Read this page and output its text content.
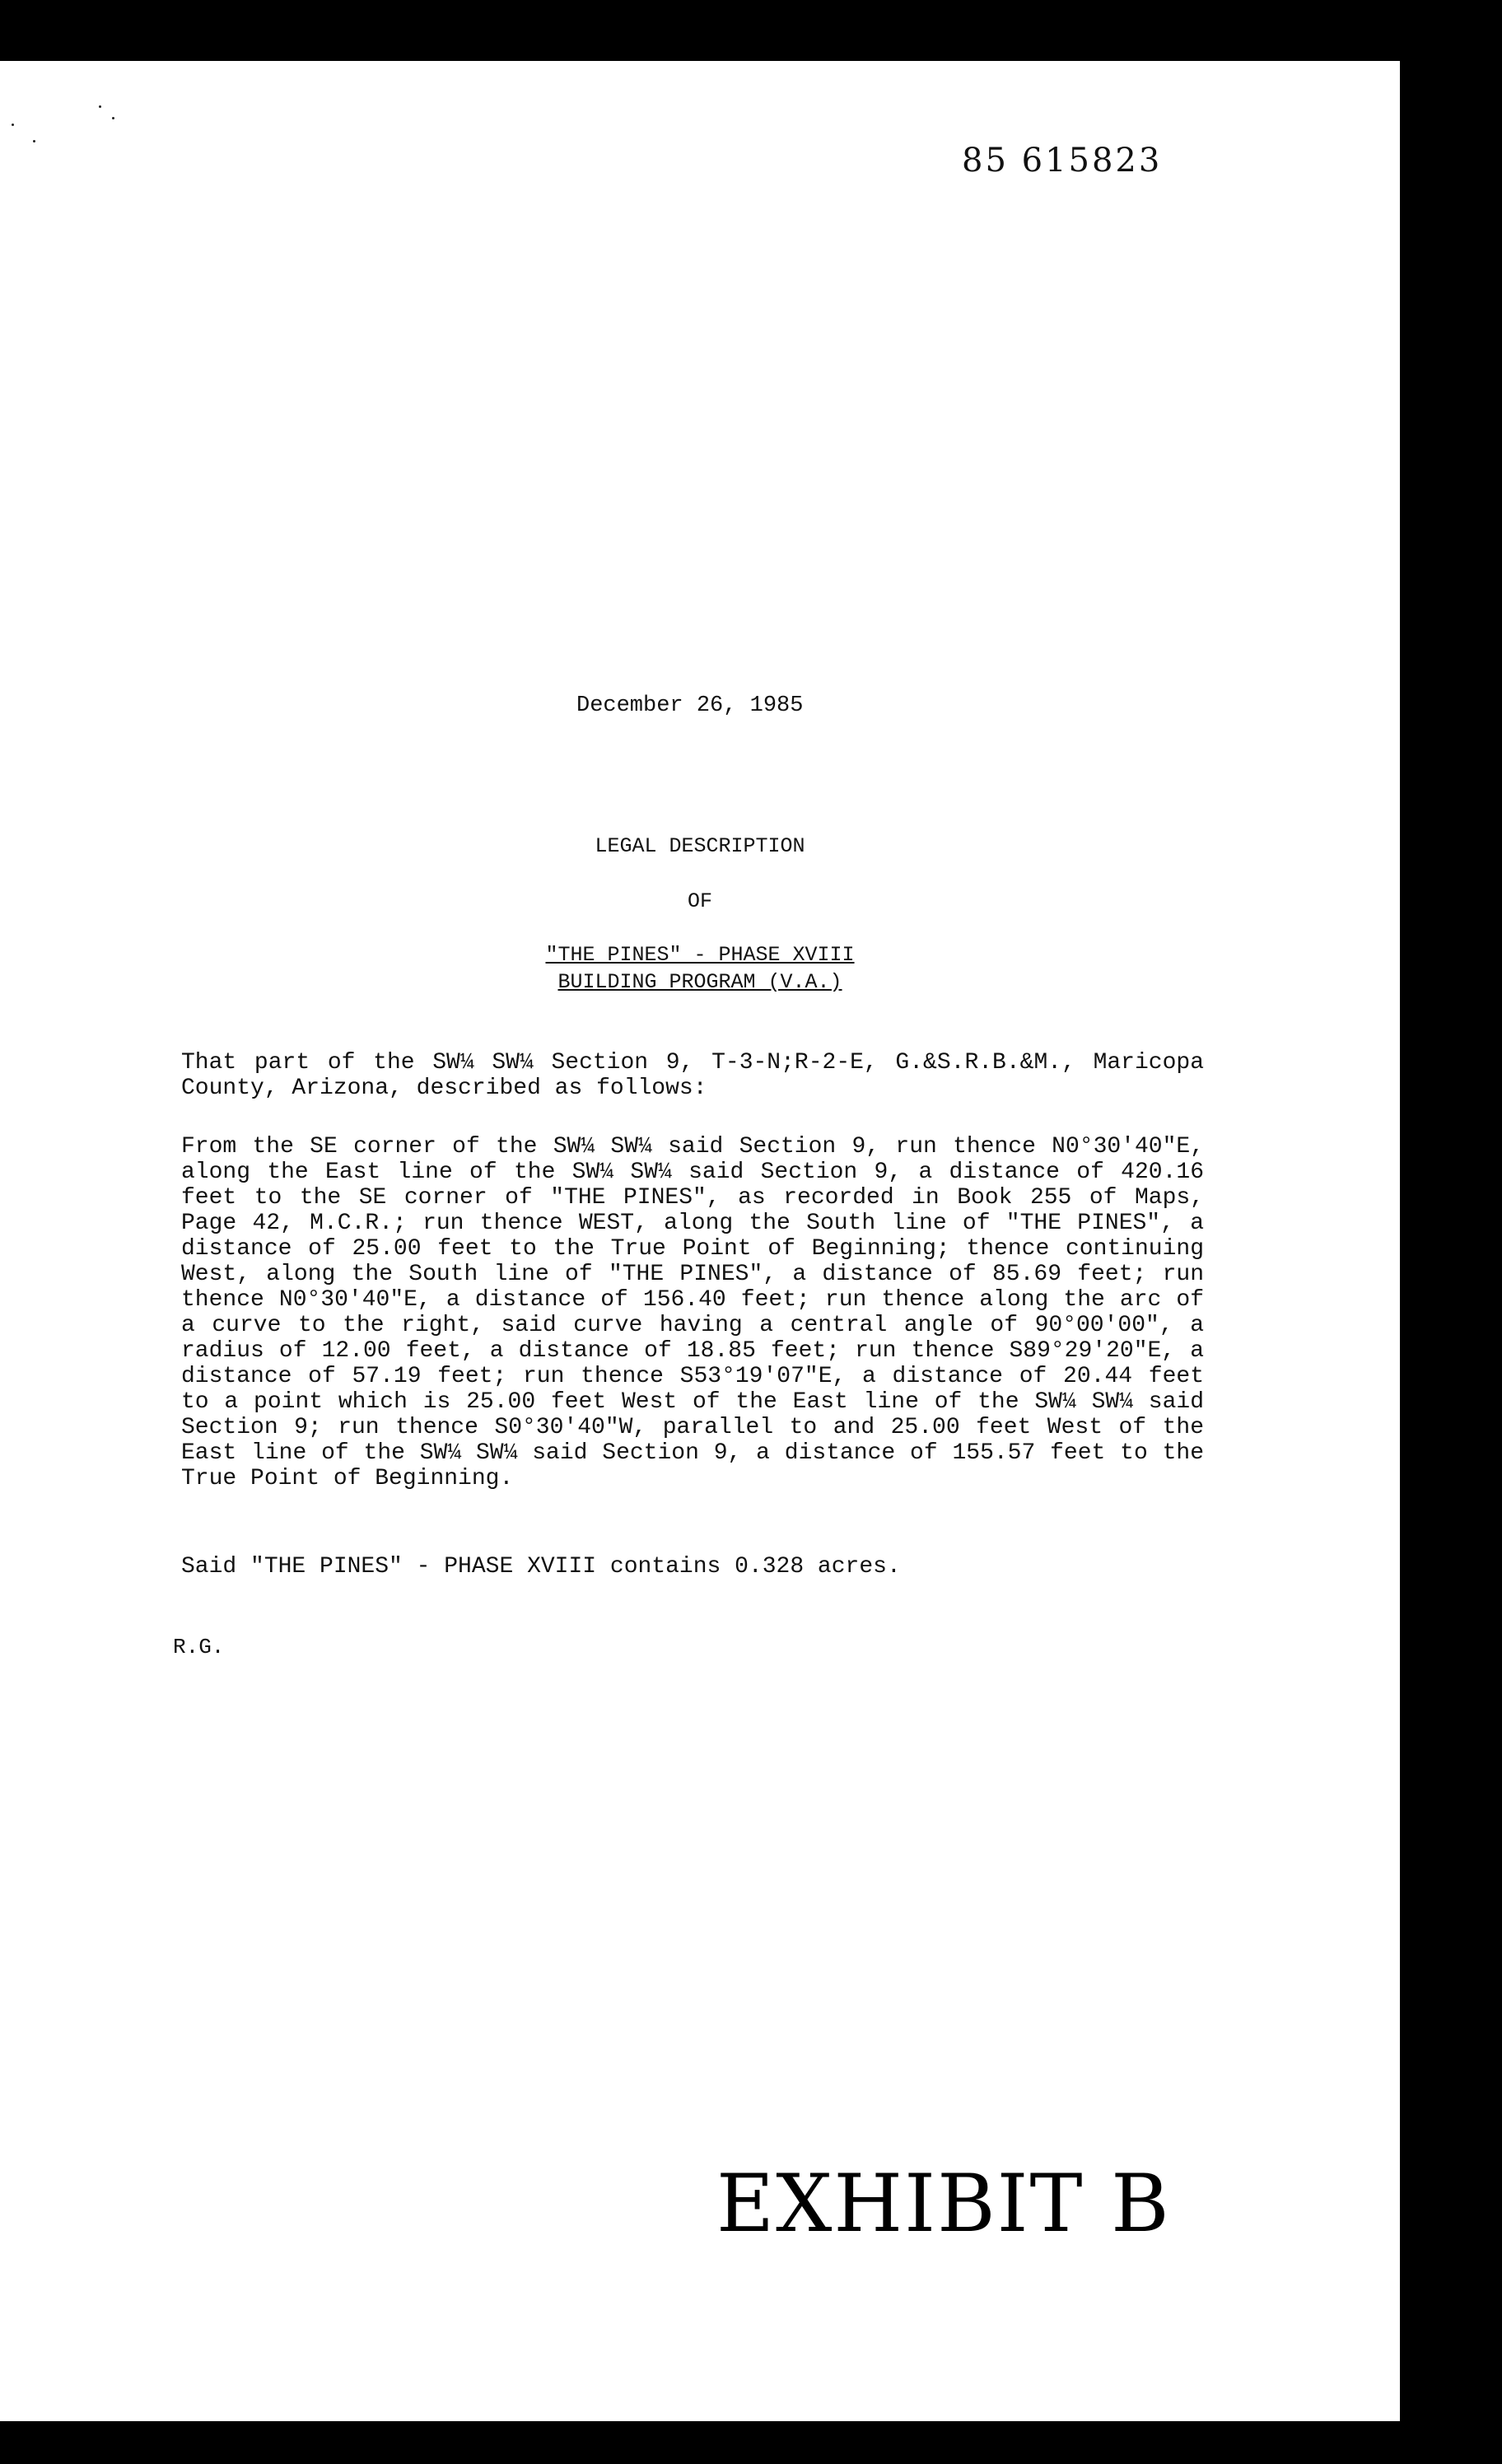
85 615823
December 26, 1985
LEGAL DESCRIPTION
OF
"THE PINES" - PHASE XVIII
BUILDING PROGRAM (V.A.)

That part of the SW¼ SW¼ Section 9, T-3-N;R-2-E, G.&S.R.B.&M., Maricopa County, Arizona, described as follows:

From the SE corner of the SW¼ SW¼ said Section 9, run thence N0°30'40"E, along the East line of the SW¼ SW¼ said Section 9, a distance of 420.16 feet to the SE corner of "THE PINES", as recorded in Book 255 of Maps, Page 42, M.C.R.; run thence WEST, along the South line of "THE PINES", a distance of 25.00 feet to the True Point of Beginning; thence continuing West, along the South line of "THE PINES", a distance of 85.69 feet; run thence N0°30'40"E, a distance of 156.40 feet; run thence along the arc of a curve to the right, said curve having a central angle of 90°00'00", a radius of 12.00 feet, a distance of 18.85 feet; run thence S89°29'20"E, a distance of 57.19 feet; run thence S53°19'07"E, a distance of 20.44 feet to a point which is 25.00 feet West of the East line of the SW¼ SW¼ said Section 9; run thence S0°30'40"W, parallel to and 25.00 feet West of the East line of the SW¼ SW¼ said Section 9, a distance of 155.57 feet to the True Point of Beginning.

Said "THE PINES" - PHASE XVIII contains 0.328 acres.

R.G.
EXHIBIT B
